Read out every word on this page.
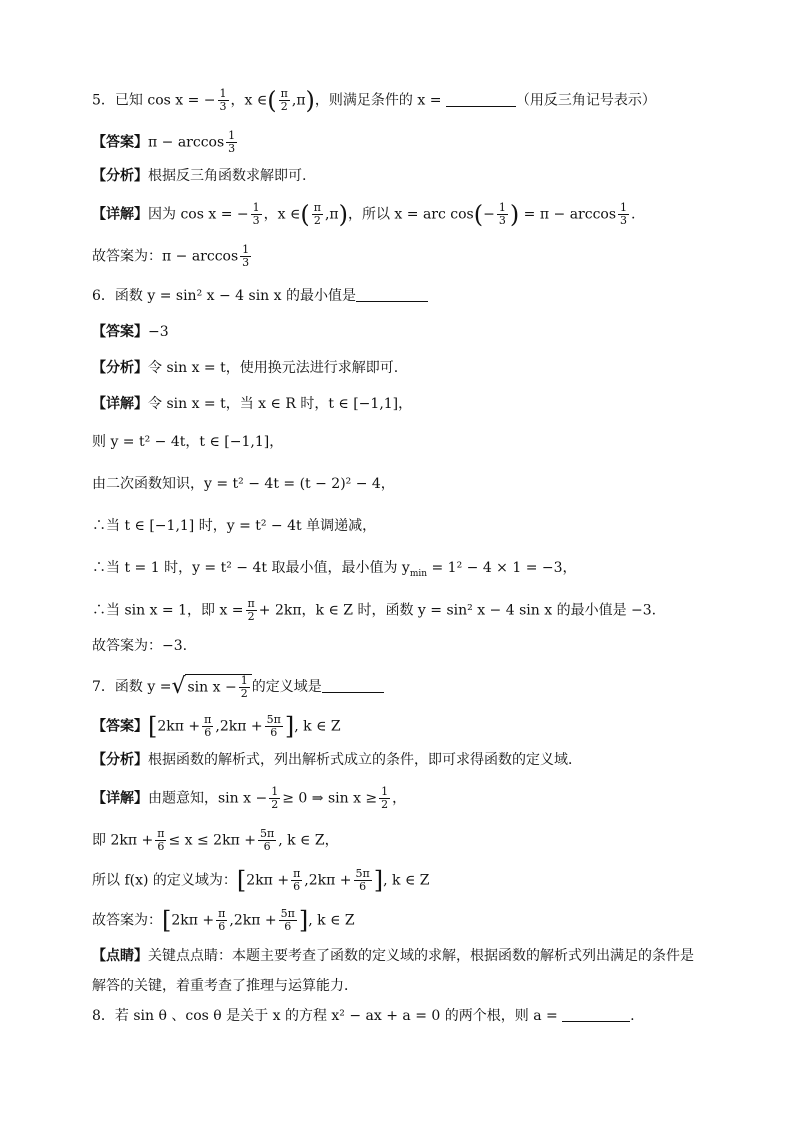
5．已知 cos x = − $\frac{1}{3}$ ，x ∈( $\frac{\pi}{2} ,\pi$)，则满足条件的 x =	（用反三角记号表示）
【答案】$\pi - \arccos \frac{1}{3}$
【分析】根据反三角函数求解即可.
【详解】因为 cos x = − $\frac{1}{3}$ ，x ∈( $\frac{\pi}{2} ,\pi$)，所以 x = arc $\cos(- \frac{1}{3}$ ) = $\pi - \arccos \frac{1}{3}$ .
故答案为：$\pi - \arccos \frac{1}{3}$
6．函数 y = sin² x − 4 sin x 的最小值是
【答案】−3
【分析】令 sin x = t，使用换元法进行求解即可.
【详解】令 sin x = t，当 x ∈ R 时，t ∈ [−1,1]，
则 y = t² − 4t，t ∈ [−1,1]，
由二次函数知识，y = t² − 4t = (t − 2)² − 4，
∴当 t ∈ [−1,1] 时，y = t² − 4t 单调递减，
∴当 t = 1 时，y = t² − 4t 取最小值，最小值为 $y_{min} = 1^2 - 4 \times 1 = -3$，
∴当 sin x = 1，即 $x = \frac{\pi}{2} + 2k\pi$，k ∈ Z 时，函数 y = sin² x − 4 sin x 的最小值是 −3.
故答案为：−3.
7．函数 y =√ $\sin x - \frac{1}{2}$ 的定义域是
【答案】[$2k\pi + \frac{\pi}{6} ,2k\pi + \frac{5\pi}{6}$ ], k ∈ Z
【分析】根据函数的解析式，列出解析式成立的条件，即可求得函数的定义域．
【详解】由题意知，$\sin x - \frac{1}{2} \ge 0$ ⇒ $\sin x \ge \frac{1}{2}$ ，
即 $2k\pi + \frac{\pi}{6} \le x \le 2k\pi + \frac{5\pi}{6}$ , k ∈ Z，
所以 f(x) 的定义域为：[$2k\pi + \frac{\pi}{6} ,2k\pi + \frac{5\pi}{6}$ ], k ∈ Z
故答案为：[$2k\pi + \frac{\pi}{6} ,2k\pi + \frac{5\pi}{6}$ ], k ∈ Z
【点睛】关键点点睛：本题主要考查了函数的定义域的求解，根据函数的解析式列出满足的条件是
解答的关键，着重考查了推理与运算能力．
8．若 sin θ 、cos θ 是关于 x 的方程 x² − ax + a = 0 的两个根，则 a =	.
